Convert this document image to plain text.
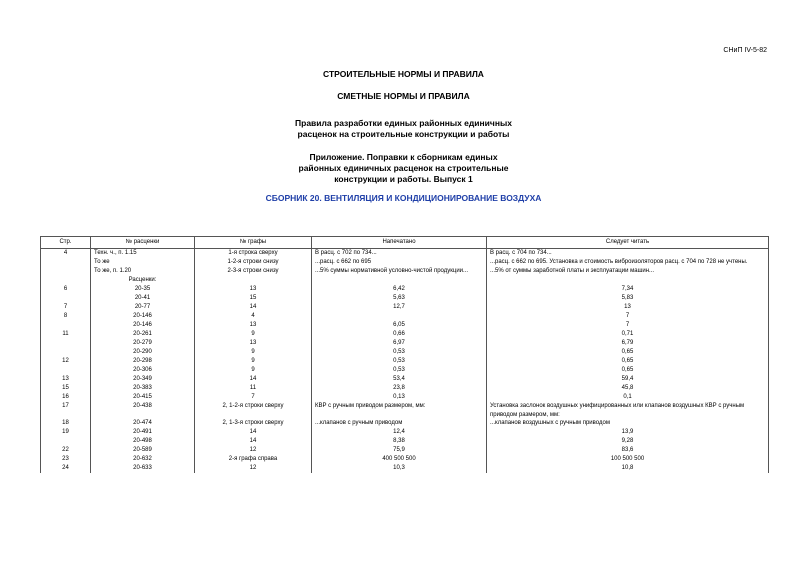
СНиП IV-5-82
СТРОИТЕЛЬНЫЕ НОРМЫ И ПРАВИЛА
СМЕТНЫЕ НОРМЫ И ПРАВИЛА
Правила разработки единых районных единичных
расценок на строительные конструкции и работы
Приложение. Поправки к сборникам единых
районных единичных расценок на строительные
конструкции и работы. Выпуск 1
СБОРНИК 20. ВЕНТИЛЯЦИЯ И КОНДИЦИОНИРОВАНИЕ ВОЗДУХА
Стр.	№ расценки	№ графы	Напечатано	Следует читать
4	Техн. ч., п. 1.15	1-я строка сверху	В расц. с 702 по 734...	В расц. с 704 по 734...
	То же	1-2-я строки снизу	...расц. с 662 по 695	...расц. с 662 по 695. Установка и стоимость виброизоляторов расц. с 704 по 728 не учтены.
	То же, п. 1.20	2-3-я строки снизу	...5% суммы нормативной условно-чистой продукции...	...5% от суммы заработной платы и эксплуатации машин...
	Расценки:			
6	20-35	13	6,42	7,34
	20-41	15	5,63	5,83
7	20-77	14	12,7	13
8	20-146	4		7
	20-146	13	6,05	7
11	20-261	9	0,66	0,71
	20-279	13	6,97	6,79
	20-290	9	0,53	0,65
12	20-298	9	0,53	0,65
	20-306	9	0,53	0,65
13	20-349	14	53,4	59,4
15	20-383	11	23,8	45,8
16	20-415	7	0,13	0,1
17	20-438	2, 1-2-я строки сверху	КВР с ручным приводом размером, мм:	Установка заслонок воздушных унифицированных или клапанов воздушных КВР с ручным приводом размером, мм:
18	20-474	2, 1-3-я строки сверху	...клапанов с ручным приводом	...клапанов воздушных с ручным приводом
19	20-491	14	12,4	13,9
	20-498	14	8,38	9,28
22	20-589	12	75,9	83,6
23	20-632	2-я графа справа	400 500 500	100 500 500
24	20-633	12	10,3	10,8
